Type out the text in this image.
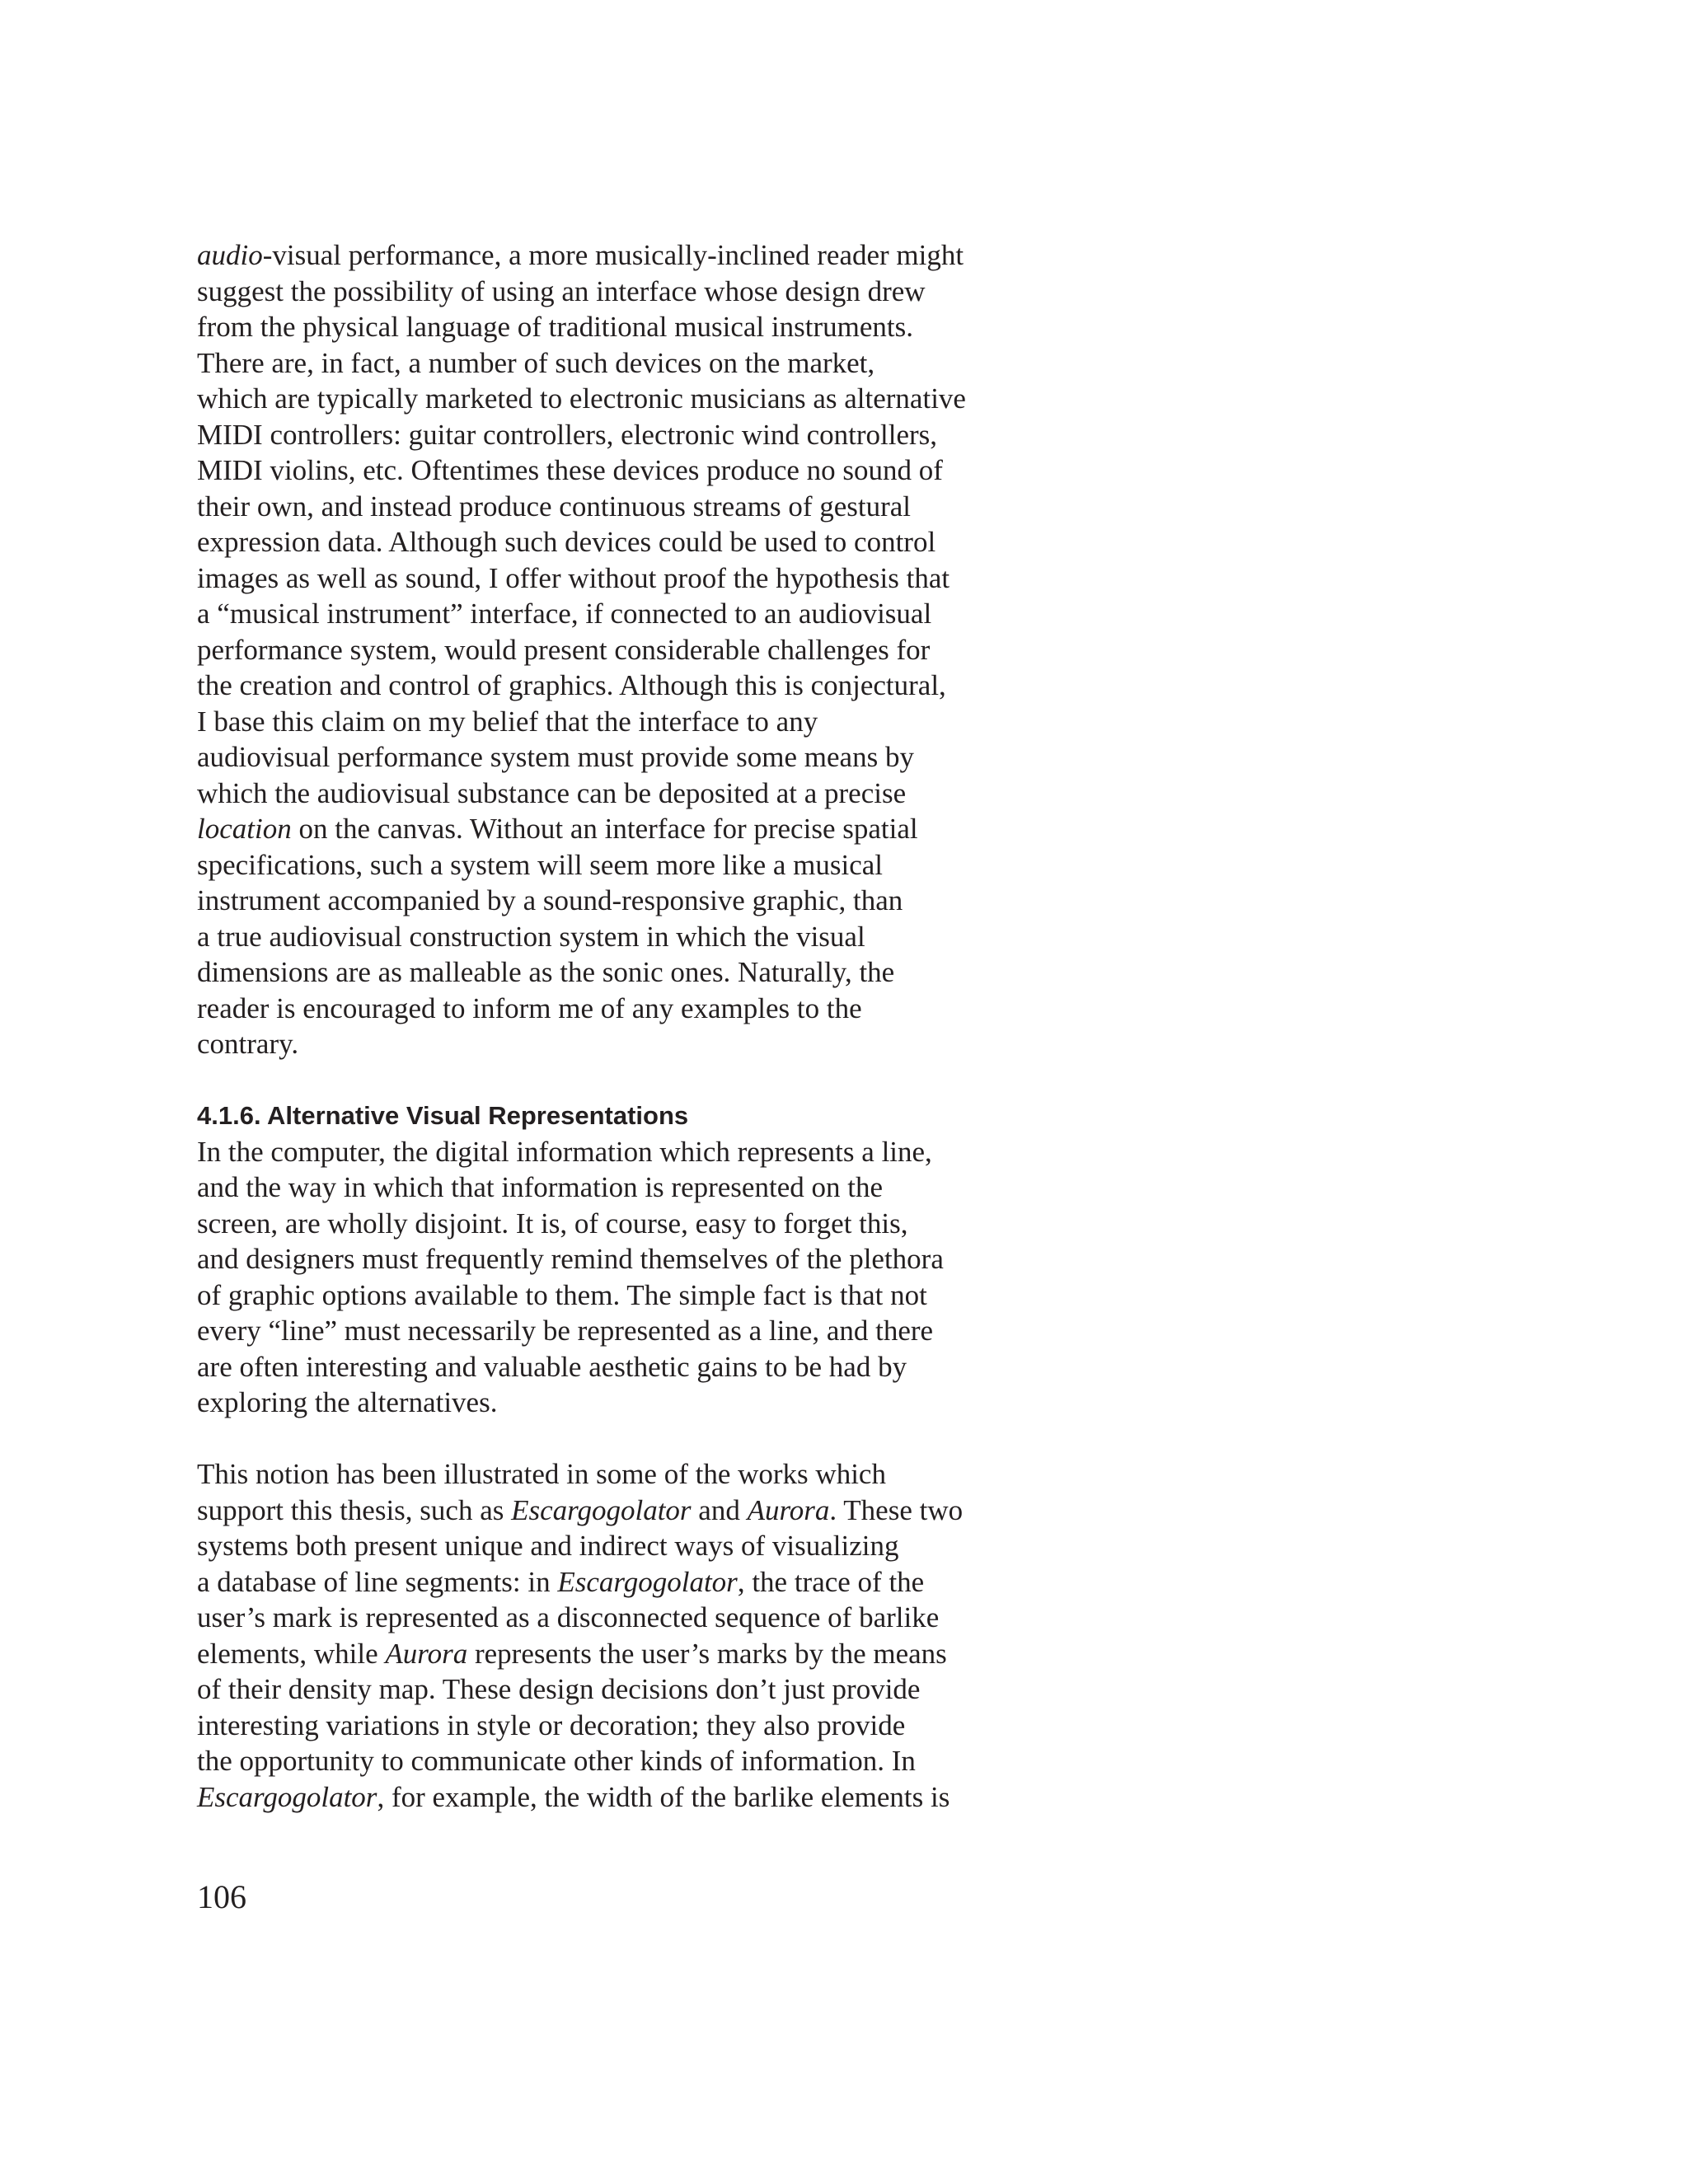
audio-visual performance, a more musically-inclined reader might
suggest the possibility of using an interface whose design drew
from the physical language of traditional musical instruments.
There are, in fact, a number of such devices on the market,
which are typically marketed to electronic musicians as alternative
MIDI controllers: guitar controllers, electronic wind controllers,
MIDI violins, etc. Oftentimes these devices produce no sound of
their own, and instead produce continuous streams of gestural
expression data. Although such devices could be used to control
images as well as sound, I offer without proof the hypothesis that
a “musical instrument” interface, if connected to an audiovisual
performance system, would present considerable challenges for
the creation and control of graphics. Although this is conjectural,
I base this claim on my belief that the interface to any
audiovisual performance system must provide some means by
which the audiovisual substance can be deposited at a precise
location on the canvas. Without an interface for precise spatial
specifications, such a system will seem more like a musical
instrument accompanied by a sound-responsive graphic, than
a true audiovisual construction system in which the visual
dimensions are as malleable as the sonic ones. Naturally, the
reader is encouraged to inform me of any examples to the
contrary.
4.1.6. Alternative Visual Representations
In the computer, the digital information which represents a line,
and the way in which that information is represented on the
screen, are wholly disjoint. It is, of course, easy to forget this,
and designers must frequently remind themselves of the plethora
of graphic options available to them. The simple fact is that not
every “line” must necessarily be represented as a line, and there
are often interesting and valuable aesthetic gains to be had by
exploring the alternatives.
This notion has been illustrated in some of the works which
support this thesis, such as Escargogolator and Aurora. These two
systems both present unique and indirect ways of visualizing
a database of line segments: in Escargogolator, the trace of the
user’s mark is represented as a disconnected sequence of barlike
elements, while Aurora represents the user’s marks by the means
of their density map. These design decisions don’t just provide
interesting variations in style or decoration; they also provide
the opportunity to communicate other kinds of information. In
Escargogolator, for example, the width of the barlike elements is
106
